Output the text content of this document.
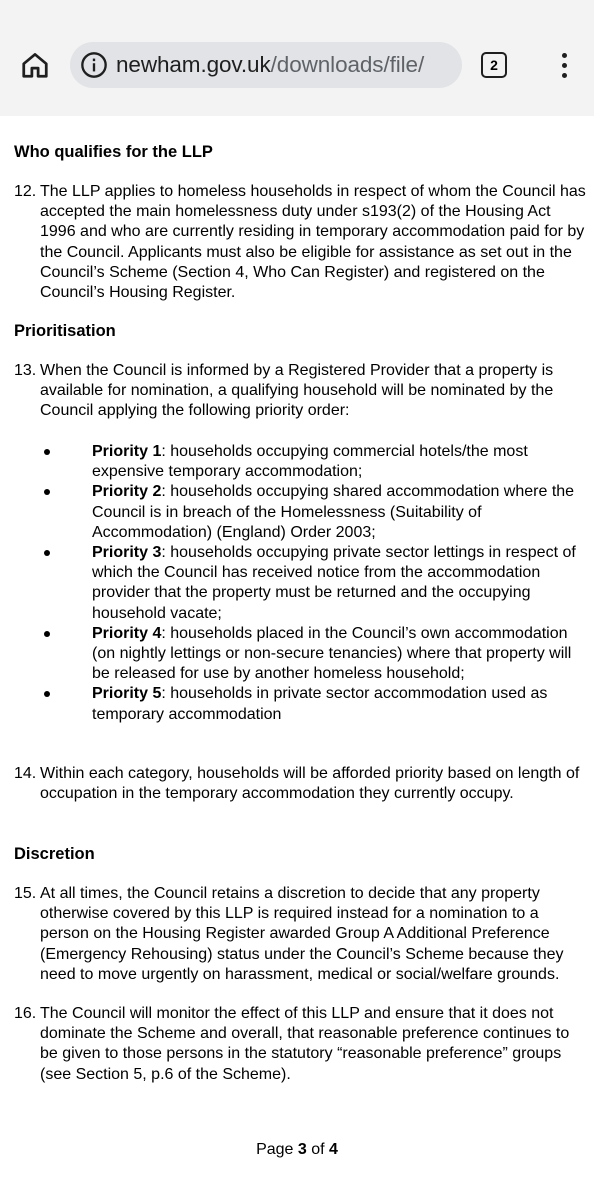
newham.gov.uk/downloads/file/	2
Who qualifies for the LLP
12. The LLP applies to homeless households in respect of whom the Council has accepted the main homelessness duty under s193(2) of the Housing Act 1996 and who are currently residing in temporary accommodation paid for by the Council. Applicants must also be eligible for assistance as set out in the Council’s Scheme (Section 4, Who Can Register) and registered on the Council’s Housing Register.
Prioritisation
13. When the Council is informed by a Registered Provider that a property is available for nomination, a qualifying household will be nominated by the Council applying the following priority order:
Priority 1: households occupying commercial hotels/the most expensive temporary accommodation;
Priority 2: households occupying shared accommodation where the Council is in breach of the Homelessness (Suitability of Accommodation) (England) Order 2003;
Priority 3: households occupying private sector lettings in respect of which the Council has received notice from the accommodation provider that the property must be returned and the occupying household vacate;
Priority 4: households placed in the Council’s own accommodation (on nightly lettings or non-secure tenancies) where that property will be released for use by another homeless household;
Priority 5: households in private sector accommodation used as temporary accommodation
14. Within each category, households will be afforded priority based on length of occupation in the temporary accommodation they currently occupy.
Discretion
15. At all times, the Council retains a discretion to decide that any property otherwise covered by this LLP is required instead for a nomination to a person on the Housing Register awarded Group A Additional Preference (Emergency Rehousing) status under the Council’s Scheme because they need to move urgently on harassment, medical or social/welfare grounds.
16. The Council will monitor the effect of this LLP and ensure that it does not dominate the Scheme and overall, that reasonable preference continues to be given to those persons in the statutory “reasonable preference” groups (see Section 5, p.6 of the Scheme).
Page 3 of 4
